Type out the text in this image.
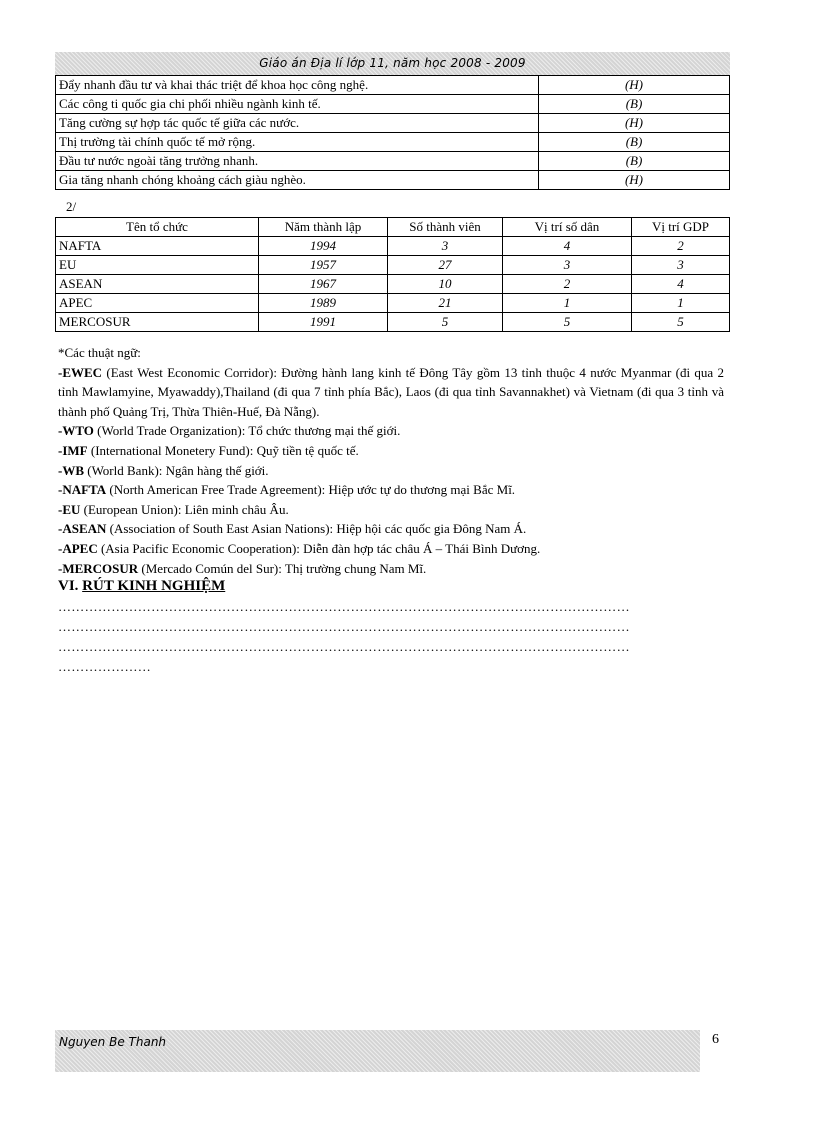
Giáo án Địa lí lớp 11, năm học 2008 - 2009
Đẩy nhanh đầu tư và khai thác triệt để khoa học công nghệ.	(H)
Các công ti quốc gia chi phối nhiều ngành kinh tế.	(B)
Tăng cường sự hợp tác quốc tế giữa các nước.	(H)
Thị trường tài chính quốc tế mở rộng.	(B)
Đầu tư nước ngoài tăng trưởng nhanh.	(B)
Gia tăng nhanh chóng khoảng cách giàu nghèo.	(H)
2/
Tên tổ chức	Năm thành lập	Số thành viên	Vị trí số dân	Vị trí GDP
NAFTA	1994	3	4	2
EU	1957	27	3	3
ASEAN	1967	10	2	4
APEC	1989	21	1	1
MERCOSUR	1991	5	5	5

*Các thuật ngữ:

-EWEC (East West Economic Corridor): Đường hành lang kinh tế Đông Tây gồm 13 tỉnh thuộc 4 nước Myanmar (đi qua 2 tỉnh Mawlamyine, Myawaddy),Thailand (đi qua 7 tỉnh phía Bắc), Laos (đi qua tỉnh Savannakhet) và Vietnam (đi qua 3 tỉnh và thành phố Quảng Trị, Thừa Thiên-Huế, Đà Nẵng).

-WTO (World Trade Organization): Tổ chức thương mại thế giới.

-IMF (International Monetery Fund): Quỹ tiền tệ quốc tế.

-WB (World Bank): Ngân hàng thế giới.

-NAFTA (North American Free Trade Agreement): Hiệp ước tự do thương mại Bắc Mĩ.

-EU (European Union): Liên minh châu Âu.

-ASEAN (Association of South East Asian Nations): Hiệp hội các quốc gia Đông Nam Á.

-APEC (Asia Pacific Economic Cooperation): Diễn đàn hợp tác châu Á – Thái Bình Dương.

-MERCOSUR (Mercado Común del Sur): Thị trường chung Nam Mĩ.

VI. RÚT KINH NGHIỆM
…………………………………………………………………………………………………………………
…………………………………………………………………………………………………………………
…………………………………………………………………………………………………………………
…………………
Nguyen Be Thanh	6
